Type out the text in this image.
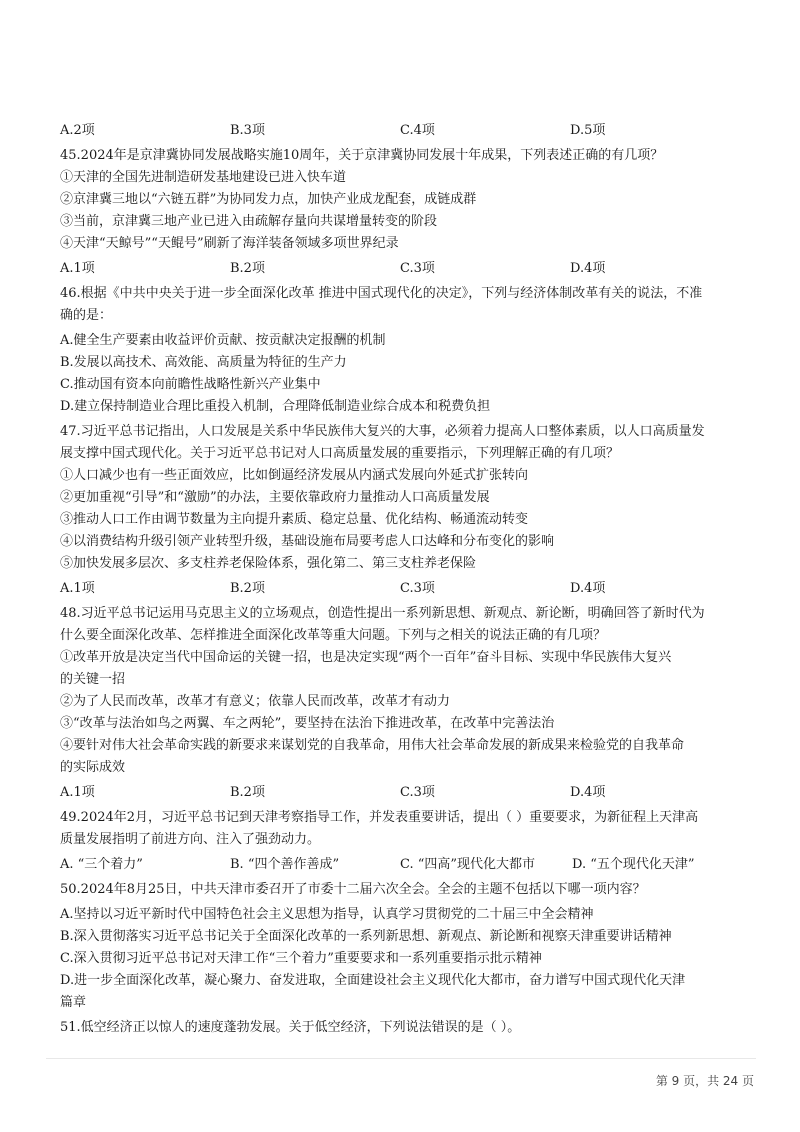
A.2项	B.3项	C.4项	D.5项
45.2024年是京津冀协同发展战略实施10周年，关于京津冀协同发展十年成果，下列表述正确的有几项？
①天津的全国先进制造研发基地建设已进入快车道
②京津冀三地以“六链五群”为协同发力点，加快产业成龙配套，成链成群
③当前，京津冀三地产业已进入由疏解存量向共谋增量转变的阶段
④天津“天鲸号”“天鲲号”刷新了海洋装备领域多项世界纪录
A.1项	B.2项	C.3项	D.4项
46.根据《中共中央关于进一步全面深化改革 推进中国式现代化的决定》，下列与经济体制改革有关的说法，不准
确的是：
A.健全生产要素由收益评价贡献、按贡献决定报酬的机制
B.发展以高技术、高效能、高质量为特征的生产力
C.推动国有资本向前瞻性战略性新兴产业集中
D.建立保持制造业合理比重投入机制，合理降低制造业综合成本和税费负担
47.习近平总书记指出，人口发展是关系中华民族伟大复兴的大事，必须着力提高人口整体素质，以人口高质量发
展支撑中国式现代化。关于习近平总书记对人口高质量发展的重要指示，下列理解正确的有几项？
①人口减少也有一些正面效应，比如倒逼经济发展从内涵式发展向外延式扩张转向
②更加重视“引导”和“激励”的办法，主要依靠政府力量推动人口高质量发展
③推动人口工作由调节数量为主向提升素质、稳定总量、优化结构、畅通流动转变
④以消费结构升级引领产业转型升级，基础设施布局要考虑人口达峰和分布变化的影响
⑤加快发展多层次、多支柱养老保险体系，强化第二、第三支柱养老保险
A.1项	B.2项	C.3项	D.4项
48.习近平总书记运用马克思主义的立场观点，创造性提出一系列新思想、新观点、新论断，明确回答了新时代为
什么要全面深化改革、怎样推进全面深化改革等重大问题。下列与之相关的说法正确的有几项？
①改革开放是决定当代中国命运的关键一招，也是决定实现“两个一百年”奋斗目标、实现中华民族伟大复兴
的关键一招
②为了人民而改革，改革才有意义；依靠人民而改革，改革才有动力
③“改革与法治如鸟之两翼、车之两轮”，要坚持在法治下推进改革，在改革中完善法治
④要针对伟大社会革命实践的新要求来谋划党的自我革命，用伟大社会革命发展的新成果来检验党的自我革命
的实际成效
A.1项	B.2项	C.3项	D.4项
49.2024年2月，习近平总书记到天津考察指导工作，并发表重要讲话，提出（ ）重要要求，为新征程上天津高
质量发展指明了前进方向、注入了强劲动力。
A. “三个着力”	B. “四个善作善成”	C. “四高”现代化大都市	D. “五个现代化天津”
50.2024年8月25日，中共天津市委召开了市委十二届六次全会。全会的主题不包括以下哪一项内容？
A.坚持以习近平新时代中国特色社会主义思想为指导，认真学习贯彻党的二十届三中全会精神
B.深入贯彻落实习近平总书记关于全面深化改革的一系列新思想、新观点、新论断和视察天津重要讲话精神
C.深入贯彻习近平总书记对天津工作“三个着力”重要要求和一系列重要指示批示精神
D.进一步全面深化改革，凝心聚力、奋发进取，全面建设社会主义现代化大都市，奋力谱写中国式现代化天津
篇章
51.低空经济正以惊人的速度蓬勃发展。关于低空经济，下列说法错误的是（ ）。
第 9 页，共 24 页
